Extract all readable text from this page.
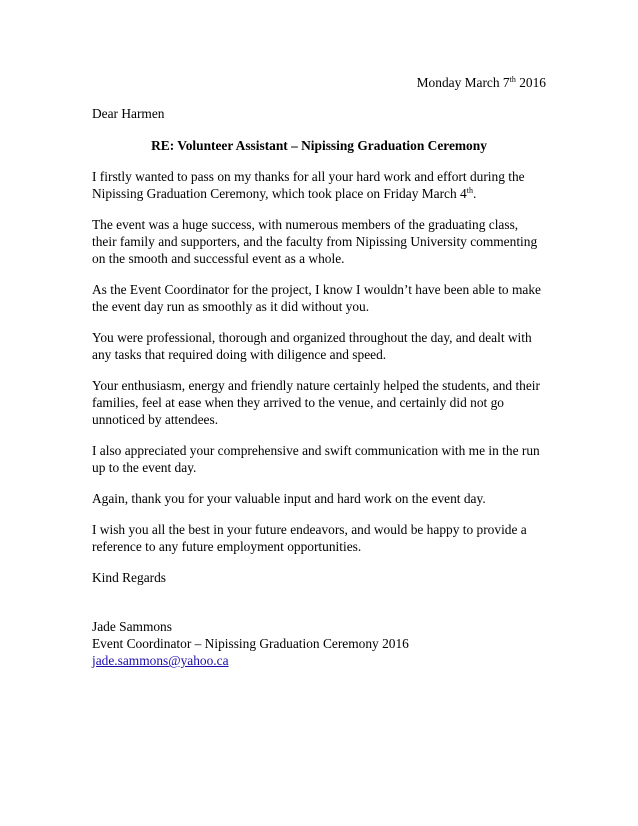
Monday March 7th 2016

Dear Harmen

RE: Volunteer Assistant – Nipissing Graduation Ceremony

I firstly wanted to pass on my thanks for all your hard work and effort during the Nipissing Graduation Ceremony, which took place on Friday March 4th.

The event was a huge success, with numerous members of the graduating class, their family and supporters, and the faculty from Nipissing University commenting on the smooth and successful event as a whole.

As the Event Coordinator for the project, I know I wouldn’t have been able to make the event day run as smoothly as it did without you.

You were professional, thorough and organized throughout the day, and dealt with any tasks that required doing with diligence and speed.

Your enthusiasm, energy and friendly nature certainly helped the students, and their families, feel at ease when they arrived to the venue, and certainly did not go unnoticed by attendees.

I also appreciated your comprehensive and swift communication with me in the run up to the event day.

Again, thank you for your valuable input and hard work on the event day.

I wish you all the best in your future endeavors, and would be happy to provide a reference to any future employment opportunities.

Kind Regards

Jade Sammons

Event Coordinator – Nipissing Graduation Ceremony 2016

jade.sammons@yahoo.ca
